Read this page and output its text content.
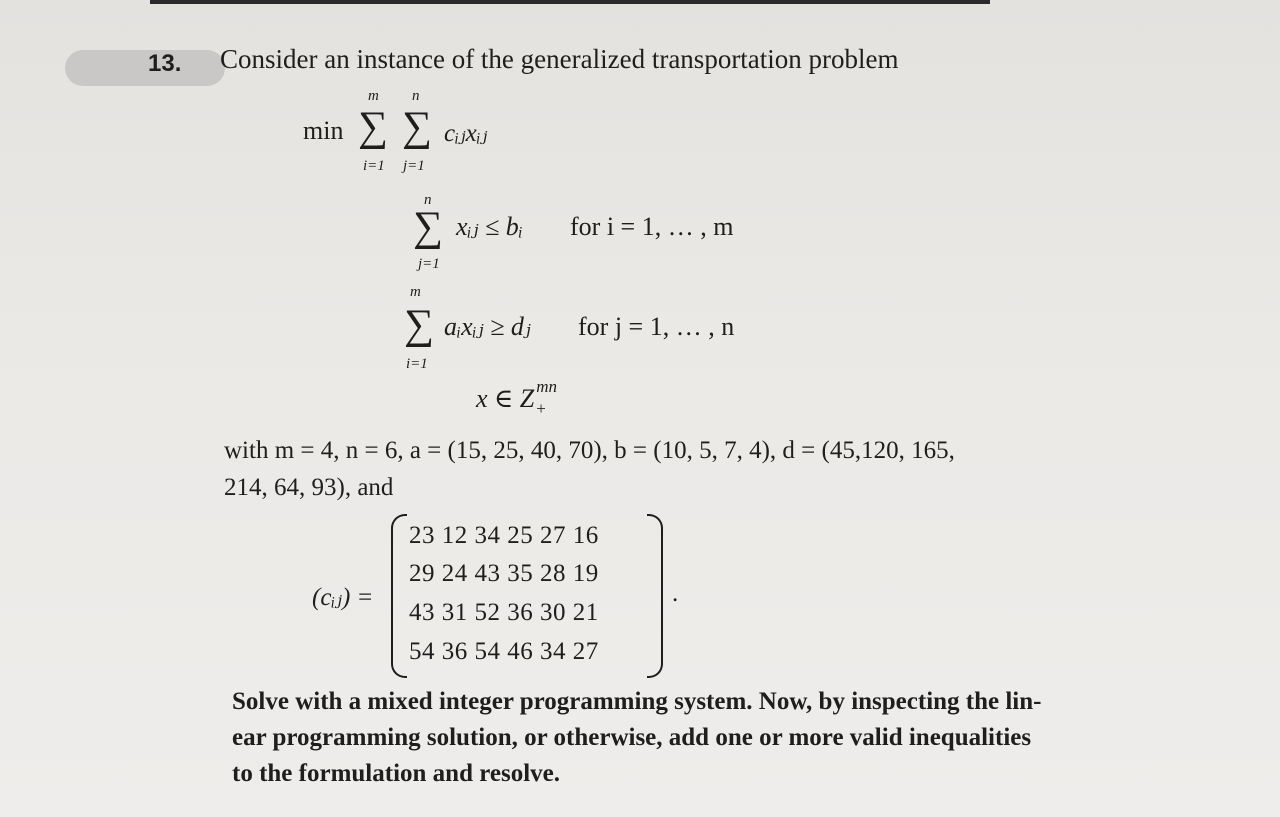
13. Consider an instance of the generalized transportation problem
min
m n
∑ ∑
i=1 j=1
cᵢⱼxᵢⱼ
n
∑
j=1
xᵢⱼ ≤ bᵢ for i = 1, … , m
m
∑
i=1
aᵢxᵢⱼ ≥ dⱼ for j = 1, … , n
x ∈ Z mn
+
with m = 4, n = 6, a = (15, 25, 40, 70), b = (10, 5, 7, 4), d = (45,120, 165,
214, 64, 93), and
(cᵢⱼ) =
23 12 34 25 27 16
29 24 43 35 28 19
43 31 52 36 30 21
54 36 54 46 34 27
.
Solve with a mixed integer programming system. Now, by inspecting the lin-
ear programming solution, or otherwise, add one or more valid inequalities
to the formulation and resolve.
